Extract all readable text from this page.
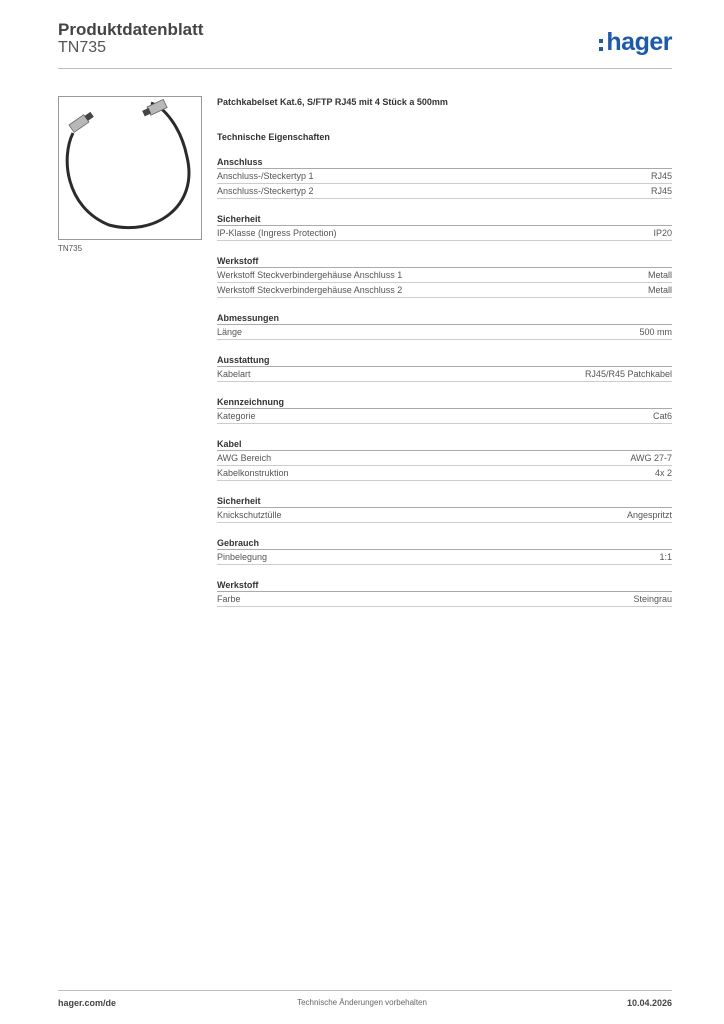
Produktdatenblatt
TN735	hager
TN735
Patchkabelset Kat.6, S/FTP RJ45 mit 4 Stück a 500mm
Technische Eigenschaften
Anschluss
Anschluss-/Steckertyp 1	RJ45
Anschluss-/Steckertyp 2	RJ45
Sicherheit
IP-Klasse (Ingress Protection)	IP20
Werkstoff
Werkstoff Steckverbindergehäuse Anschluss 1	Metall
Werkstoff Steckverbindergehäuse Anschluss 2	Metall
Abmessungen
Länge	500 mm
Ausstattung
Kabelart	RJ45/R45 Patchkabel
Kennzeichnung
Kategorie	Cat6
Kabel
AWG Bereich	AWG 27-7
Kabelkonstruktion	4x 2
Sicherheit
Knickschutztülle	Angespritzt
Gebrauch
Pinbelegung	1:1
Werkstoff
Farbe	Steingrau
hager.com/de	Technische Änderungen vorbehalten	10.04.2026
